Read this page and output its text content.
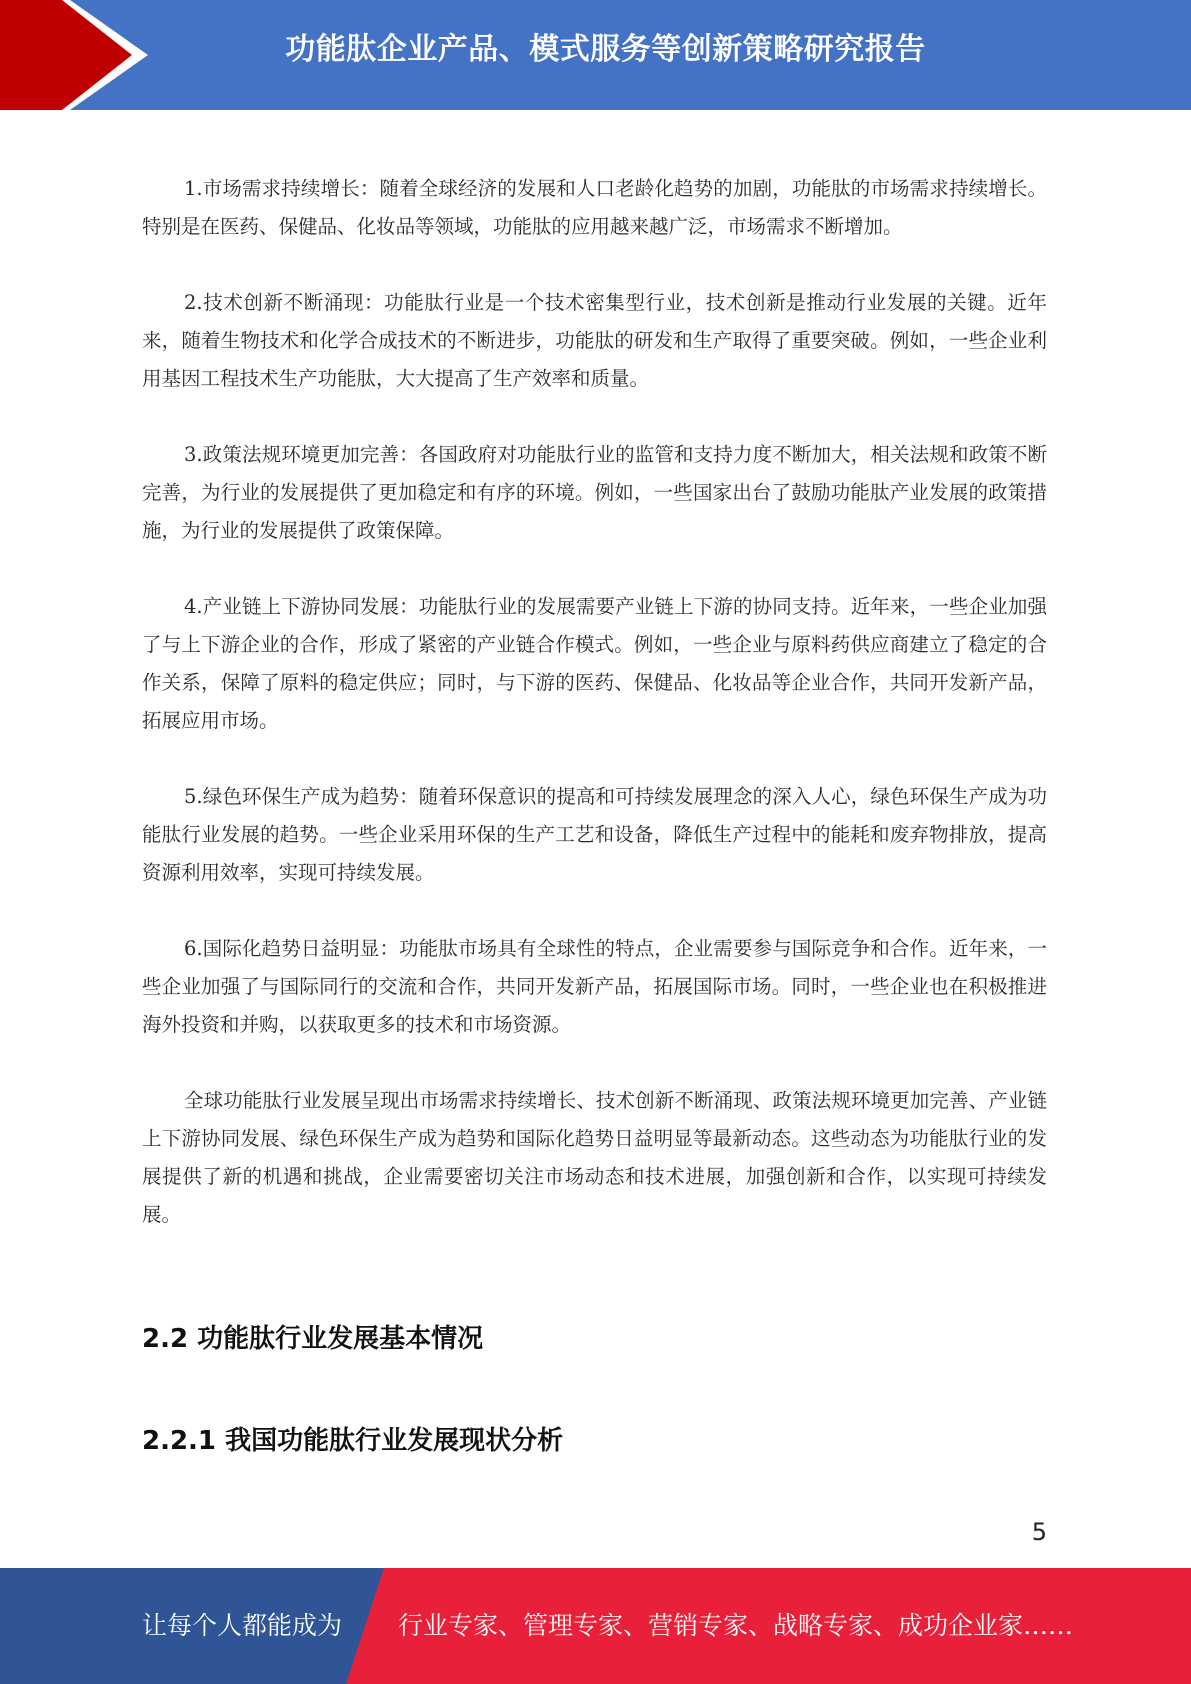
功能肽企业产品、模式服务等创新策略研究报告

1.市场需求持续增长：随着全球经济的发展和人口老龄化趋势的加剧，功能肽的市场需求持续增长。特别是在医药、保健品、化妆品等领域，功能肽的应用越来越广泛，市场需求不断增加。

2.技术创新不断涌现：功能肽行业是一个技术密集型行业，技术创新是推动行业发展的关键。近年来，随着生物技术和化学合成技术的不断进步，功能肽的研发和生产取得了重要突破。例如，一些企业利用基因工程技术生产功能肽，大大提高了生产效率和质量。

3.政策法规环境更加完善：各国政府对功能肽行业的监管和支持力度不断加大，相关法规和政策不断完善，为行业的发展提供了更加稳定和有序的环境。例如，一些国家出台了鼓励功能肽产业发展的政策措施，为行业的发展提供了政策保障。

4.产业链上下游协同发展：功能肽行业的发展需要产业链上下游的协同支持。近年来，一些企业加强了与上下游企业的合作，形成了紧密的产业链合作模式。例如，一些企业与原料药供应商建立了稳定的合作关系，保障了原料的稳定供应；同时，与下游的医药、保健品、化妆品等企业合作，共同开发新产品，拓展应用市场。

5.绿色环保生产成为趋势：随着环保意识的提高和可持续发展理念的深入人心，绿色环保生产成为功能肽行业发展的趋势。一些企业采用环保的生产工艺和设备，降低生产过程中的能耗和废弃物排放，提高资源利用效率，实现可持续发展。

6.国际化趋势日益明显：功能肽市场具有全球性的特点，企业需要参与国际竞争和合作。近年来，一些企业加强了与国际同行的交流和合作，共同开发新产品，拓展国际市场。同时，一些企业也在积极推进海外投资和并购，以获取更多的技术和市场资源。

全球功能肽行业发展呈现出市场需求持续增长、技术创新不断涌现、政策法规环境更加完善、产业链上下游协同发展、绿色环保生产成为趋势和国际化趋势日益明显等最新动态。这些动态为功能肽行业的发展提供了新的机遇和挑战，企业需要密切关注市场动态和技术进展，加强创新和合作，以实现可持续发展。

2.2 功能肽行业发展基本情况
2.2.1 我国功能肽行业发展现状分析
5
让每个人都能成为 行业专家、管理专家、营销专家、战略专家、成功企业家……
